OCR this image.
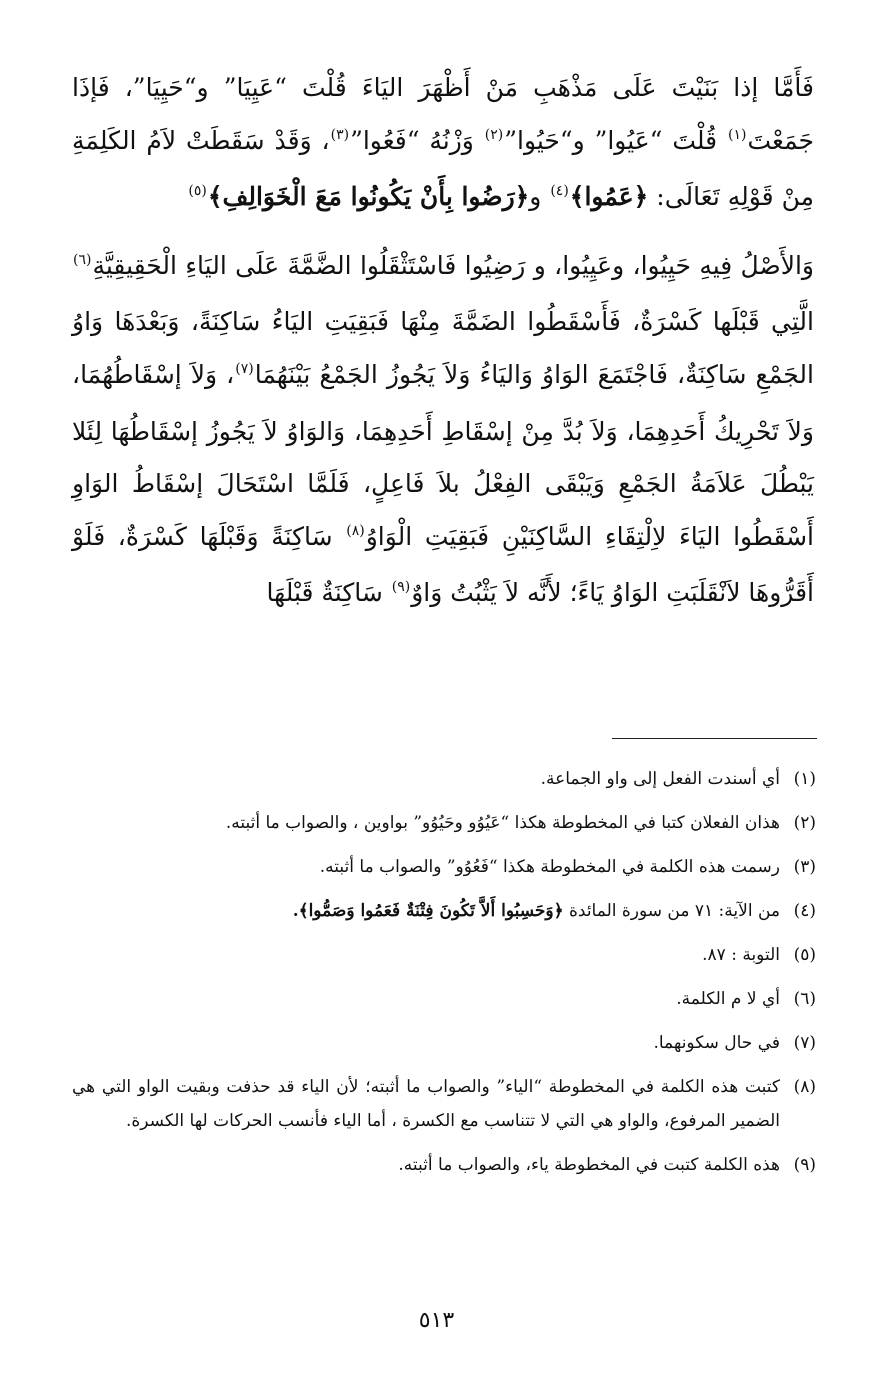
فَأَمَّا إذا بَنَيْتَ عَلَى مَذْهَبِ مَنْ أَظْهَرَ اليَاءَ قُلْتَ “عَيِيَا” و“حَيِيَا”، فَإذَا جَمَعْتَ$^{(١)}$ قُلْتَ “عَيُوا” و“حَيُوا”$^{(٢)}$ وَزْنُهُ “فَعُوا”$^{(٣)}$، وَقَدْ سَقَطَتْ لاَمُ الكَلِمَةِ مِنْ قَوْلِهِ تَعَالَى: ﴿عَمُوا﴾$^{(٤)}$ و﴿رَضُوا بِأَنْ يَكُونُوا مَعَ الْخَوَالِفِ﴾$^{(٥)}$

وَالأَصْلُ فِيهِ حَيِيُوا، وعَيِيُوا، و رَضِيُوا فَاسْتَثْقَلُوا الضَّمَّةَ عَلَى اليَاءِ الْحَقِيقِيَّةِ$^{(٦)}$ الَّتِي قَبْلَها كَسْرَةٌ، فَأَسْقَطُوا الضَمَّةَ مِنْهَا فَبَقِيَتِ اليَاءُ سَاكِنَةً، وَبَعْدَهَا وَاوُ الجَمْعِ سَاكِنَةٌ، فَاجْتَمَعَ الوَاوُ وَاليَاءُ وَلاَ يَجُوزُ الجَمْعُ بَيْنَهُمَا$^{(٧)}$، وَلاَ إسْقَاطُهُمَا، وَلاَ تَحْرِيكُ أَحَدِهِمَا، وَلاَ بُدَّ مِنْ إسْقَاطِ أَحَدِهِمَا، وَالوَاوُ لاَ يَجُوزُ إسْقَاطُهَا لِئَلا يَبْطُلَ عَلاَمَةُ الجَمْعِ وَيَبْقَى الفِعْلُ بلاَ فَاعِلٍ، فَلَمَّا اسْتَحَالَ إسْقَاطُ الوَاوِ أَسْقَطُوا اليَاءَ لاِلْتِقَاءِ السَّاكِنَيْنِ فَبَقِيَتِ الْوَاوُ$^{(٨)}$ سَاكِنَةً وَقَبْلَهَا كَسْرَةٌ، فَلَوْ أَقَرُّوهَا لاَنْقَلَبَتِ الوَاوُ يَاءً؛ لأَنَّه لاَ يَثْبُتُ وَاوٌ$^{(٩)}$ سَاكِنَةٌ قَبْلَهَا

(١)أي أسندت الفعل إلى واو الجماعة.

(٢)هذان الفعلان كتبا في المخطوطة هكذا “عَيُوُو وحَيُوُو” بواوين ، والصواب ما أثبته.

(٣)رسمت هذه الكلمة في المخطوطة هكذا “فَعُوُو” والصواب ما أثبته.

(٤)من الآية: ٧١ من سورة المائدة ﴿وَحَسِبُوا أَلاَّ تَكُونَ فِتْنَةٌ فَعَمُوا وَصَمُّوا﴾.

(٥)التوبة : ٨٧.

(٦)أي لا م الكلمة.

(٧)في حال سكونهما.

(٨)كتبت هذه الكلمة في المخطوطة “الياء” والصواب ما أثبته؛ لأن الياء قد حذفت وبقيت الواو التي هي الضمير المرفوع، والواو هي التي لا تتناسب مع الكسرة ، أما الياء فأنسب الحركات لها الكسرة.

(٩)هذه الكلمة كتبت في المخطوطة ياء، والصواب ما أثبته.

٥١٣
